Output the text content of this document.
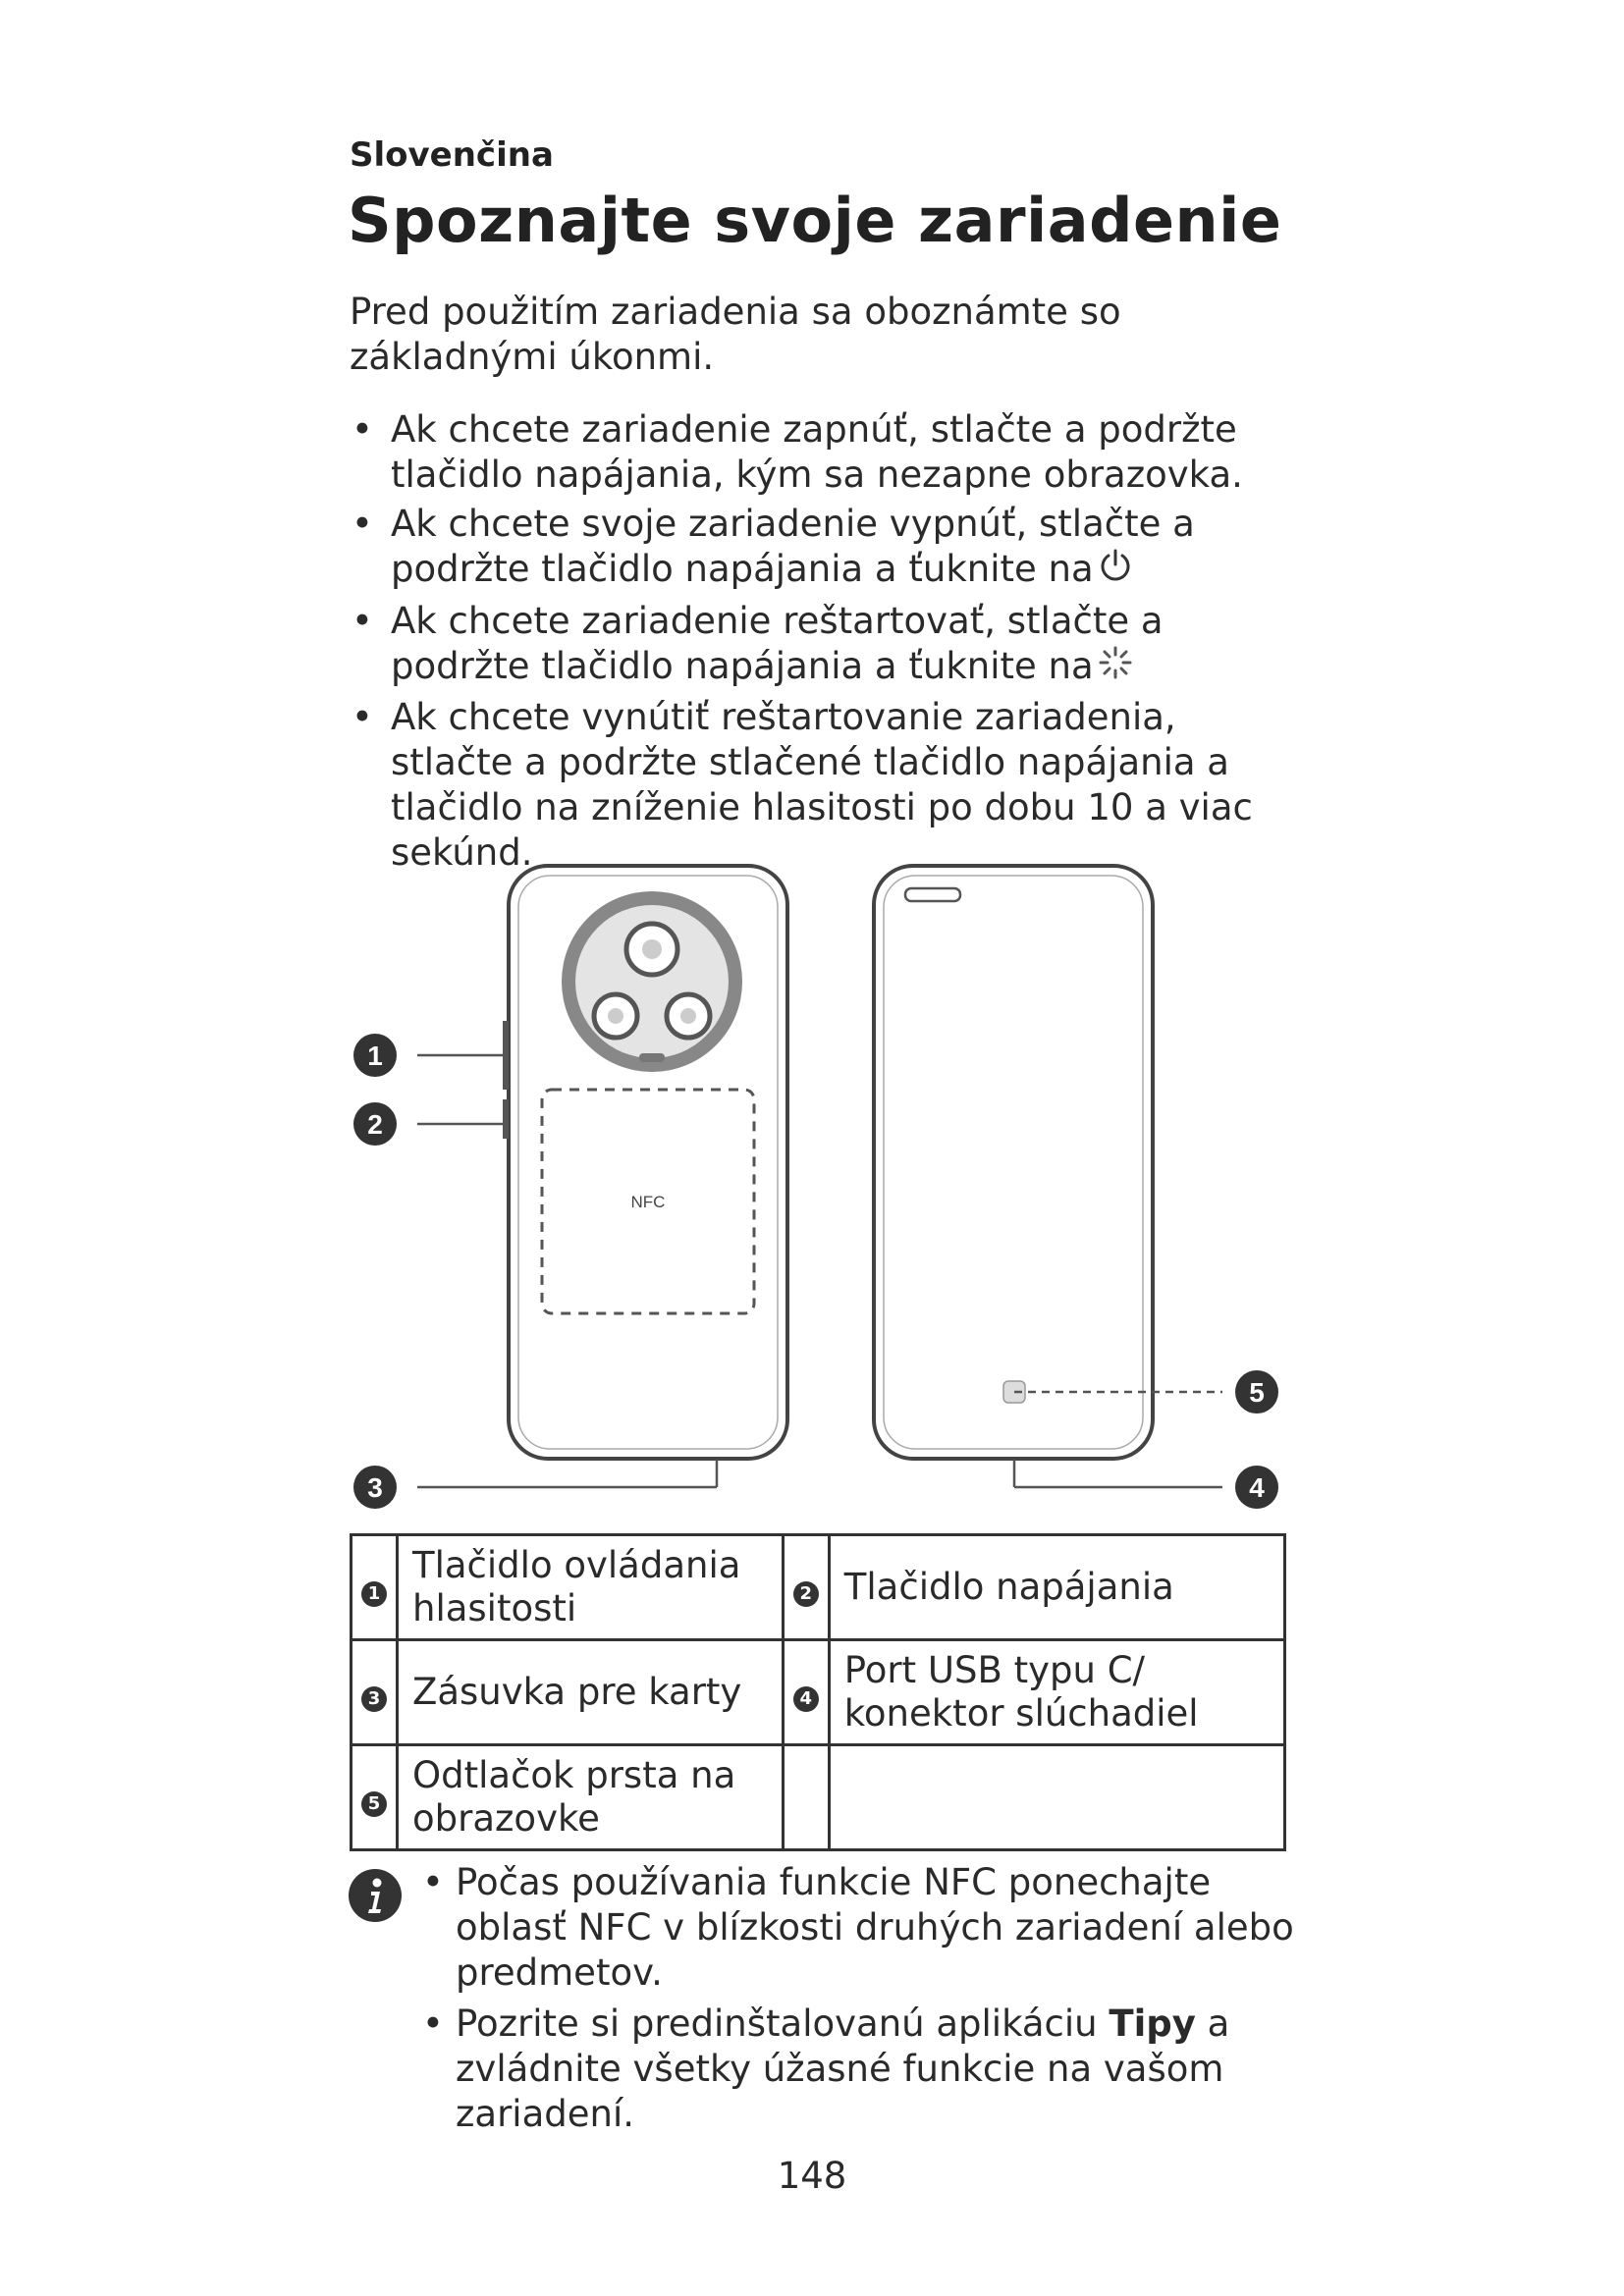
Slovenčina
Spoznajte svoje zariadenie
Pred použitím zariadenia sa oboznámte so základnými úkonmi.
• Ak chcete zariadenie zapnúť, stlačte a podržte tlačidlo napájania, kým sa nezapne obrazovka.
• Ak chcete svoje zariadenie vypnúť, stlačte a podržte tlačidlo napájania a ťuknite na
• Ak chcete zariadenie reštartovať, stlačte a podržte tlačidlo napájania a ťuknite na
• Ak chcete vynútiť reštartovanie zariadenia, stlačte a podržte stlačené tlačidlo napájania a tlačidlo na zníženie hlasitosti po dobu 10 a viac sekúnd.
NFC
1
2
3	4
5
1	Tlačidlo ovládania hlasitosti	2	Tlačidlo napájania
3	Zásuvka pre karty	4	Port USB typu C/ konektor slúchadiel
5	Odtlačok prsta na obrazovke		
• Počas používania funkcie NFC ponechajte oblasť NFC v blízkosti druhých zariadení alebo predmetov.
• Pozrite si predinštalovanú aplikáciu Tipy a zvládnite všetky úžasné funkcie na vašom zariadení.
148
